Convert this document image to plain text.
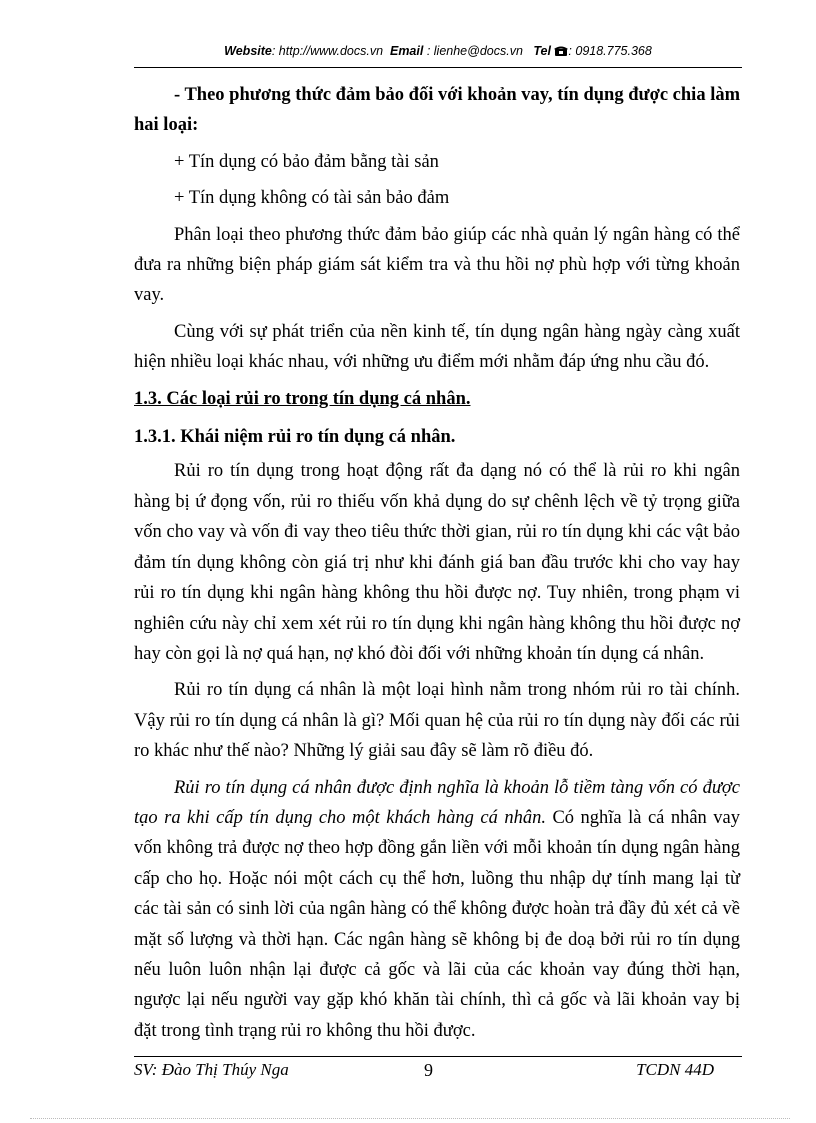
Website: http://www.docs.vn Email : lienhe@docs.vn Tel : 0918.775.368

- Theo phương thức đảm bảo đối với khoản vay, tín dụng được chia làm hai loại:

+ Tín dụng có bảo đảm bằng tài sản

+ Tín dụng không có tài sản bảo đảm

Phân loại theo phương thức đảm bảo giúp các nhà quản lý ngân hàng có thể đưa ra những biện pháp giám sát kiểm tra và thu hồi nợ phù hợp với từng khoản vay.

Cùng với sự phát triển của nền kinh tế, tín dụng ngân hàng ngày càng xuất hiện nhiều loại khác nhau, với những ưu điểm mới nhằm đáp ứng nhu cầu đó.

1.3. Các loại rủi ro trong tín dụng cá nhân.
1.3.1. Khái niệm rủi ro tín dụng cá nhân.

Rủi ro tín dụng trong hoạt động rất đa dạng nó có thể là rủi ro khi ngân hàng bị ứ đọng vốn, rủi ro thiếu vốn khả dụng do sự chênh lệch về tỷ trọng giữa vốn cho vay và vốn đi vay theo tiêu thức thời gian, rủi ro tín dụng khi các vật bảo đảm tín dụng không còn giá trị như khi đánh giá ban đầu trước khi cho vay hay rủi ro tín dụng khi ngân hàng không thu hồi được nợ. Tuy nhiên, trong phạm vi nghiên cứu này chỉ xem xét rủi ro tín dụng khi ngân hàng không thu hồi được nợ hay còn gọi là nợ quá hạn, nợ khó đòi đối với những khoản tín dụng cá nhân.

Rủi ro tín dụng cá nhân là một loại hình nằm trong nhóm rủi ro tài chính. Vậy rủi ro tín dụng cá nhân là gì? Mối quan hệ của rủi ro tín dụng này đối các rủi ro khác như thế nào? Những lý giải sau đây sẽ làm rõ điều đó.

Rủi ro tín dụng cá nhân được định nghĩa là khoản lỗ tiềm tàng vốn có được tạo ra khi cấp tín dụng cho một khách hàng cá nhân. Có nghĩa là cá nhân vay vốn không trả được nợ theo hợp đồng gắn liền với mỗi khoản tín dụng ngân hàng cấp cho họ. Hoặc nói một cách cụ thể hơn, luồng thu nhập dự tính mang lại từ các tài sản có sinh lời của ngân hàng có thể không được hoàn trả đầy đủ xét cả về mặt số lượng và thời hạn. Các ngân hàng sẽ không bị đe doạ bởi rủi ro tín dụng nếu luôn luôn nhận lại được cả gốc và lãi của các khoản vay đúng thời hạn, ngược lại nếu người vay gặp khó khăn tài chính, thì cả gốc và lãi khoản vay bị đặt trong tình trạng rủi ro không thu hồi được.

SV: Đào Thị Thúy Nga	9	TCDN 44D
